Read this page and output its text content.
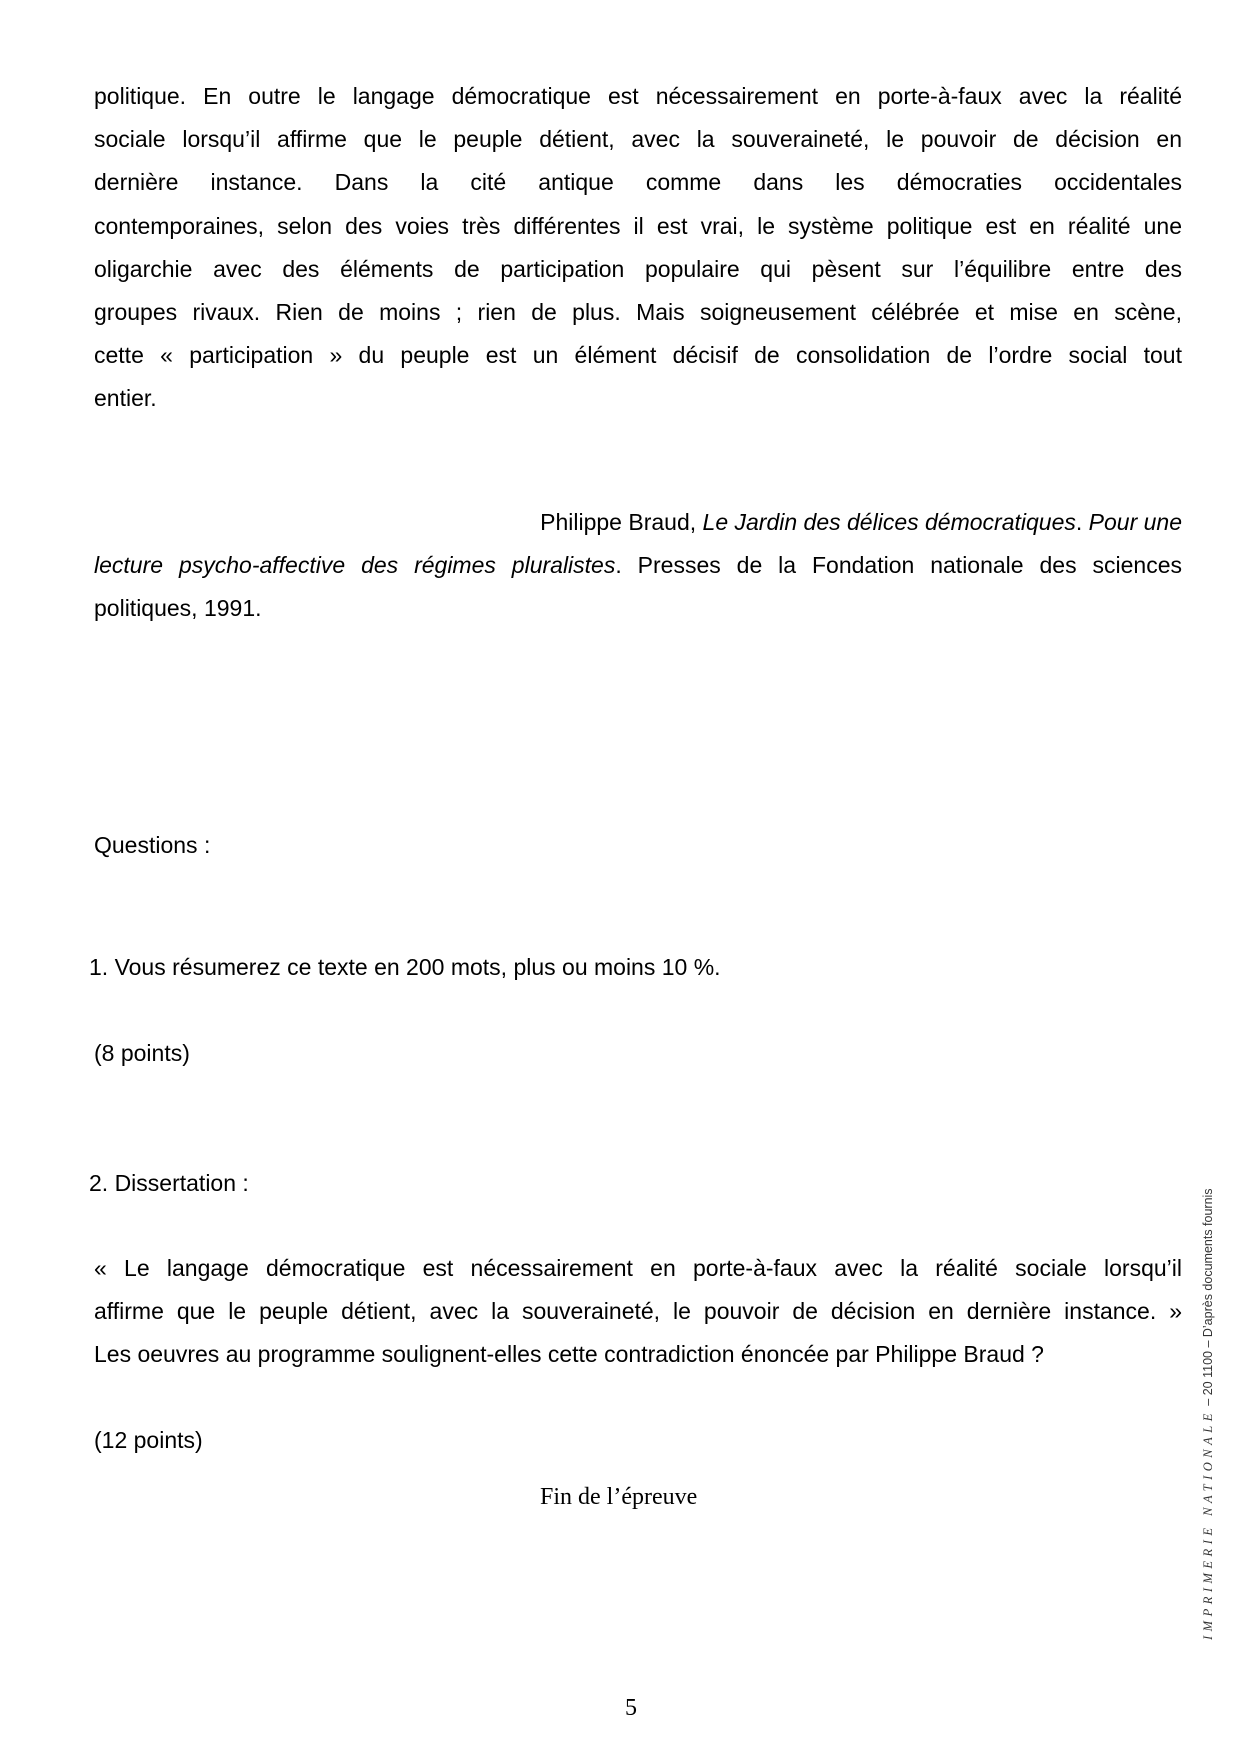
politique. En outre le langage démocratique est nécessairement en porte-à-faux avec la réalité
sociale lorsqu’il affirme que le peuple détient, avec la souveraineté, le pouvoir de décision en
dernière instance. Dans la cité antique comme dans les démocraties occidentales
contemporaines, selon des voies très différentes il est vrai, le système politique est en réalité une
oligarchie avec des éléments de participation populaire qui pèsent sur l’équilibre entre des
groupes rivaux. Rien de moins ; rien de plus. Mais soigneusement célébrée et mise en scène,
cette « participation » du peuple est un élément décisif de consolidation de l’ordre social tout
entier.
Philippe Braud, Le Jardin des délices démocratiques. Pour une
lecture psycho-affective des régimes pluralistes. Presses de la Fondation nationale des sciences
politiques, 1991.

Questions :

1. Vous résumerez ce texte en 200 mots, plus ou moins 10 %.

(8 points)

2. Dissertation :

« Le langage démocratique est nécessairement en porte-à-faux avec la réalité sociale lorsqu’il
affirme que le peuple détient, avec la souveraineté, le pouvoir de décision en dernière instance. »
Les oeuvres au programme soulignent-elles cette contradiction énoncée par Philippe Braud ?

(12 points)

Fin de l’épreuve

5

IMPRIMERIE NATIONALE – 20 1100 – D’après documents fournis
